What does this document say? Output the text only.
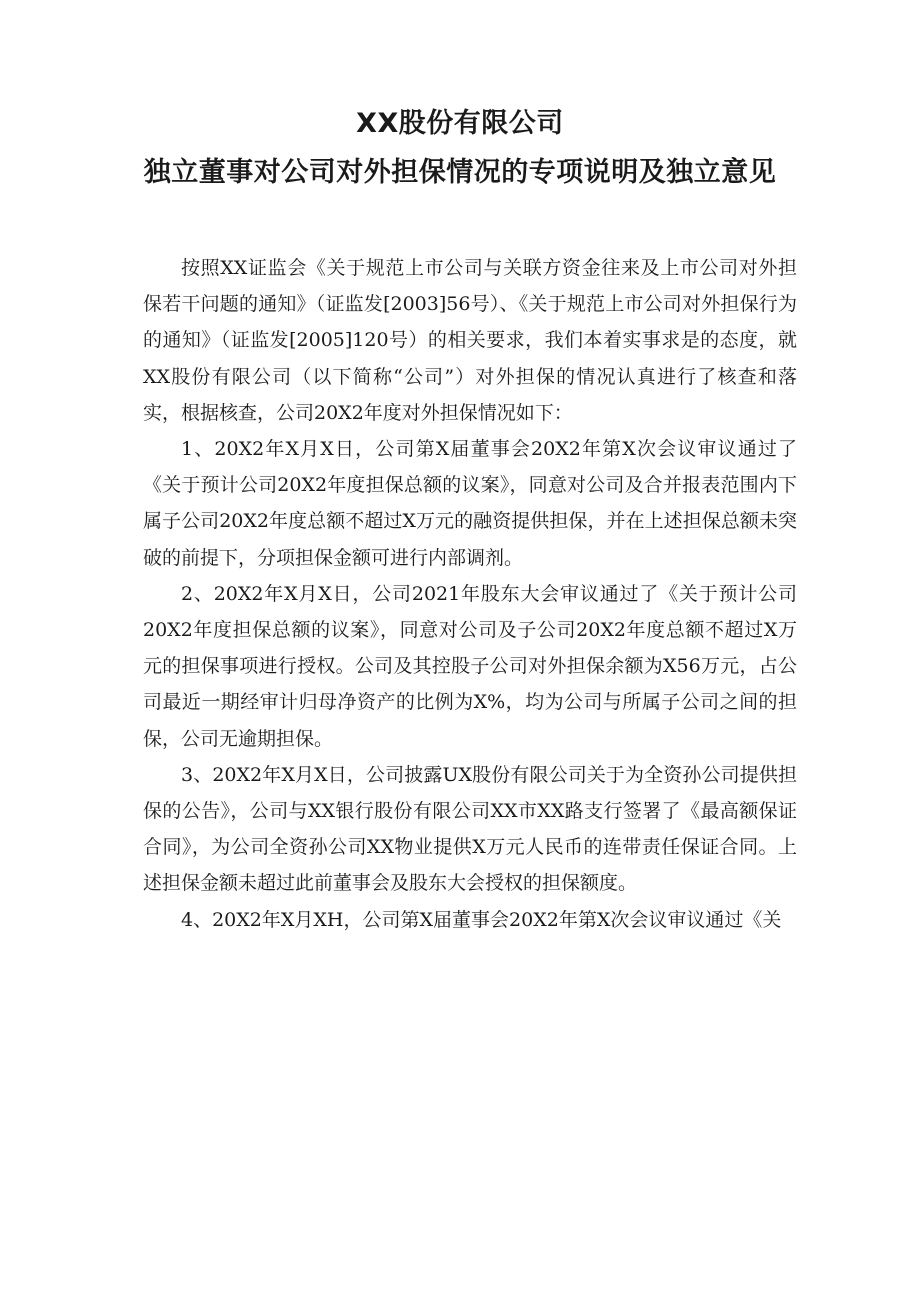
XX股份有限公司
独立董事对公司对外担保情况的专项说明及独立意见

按照XX证监会《关于规范上市公司与关联方资金往来及上市公司对外担保若干问题的通知》（证监发[2003]56号）、《关于规范上市公司对外担保行为的通知》（证监发[2005]120号）的相关要求，我们本着实事求是的态度，就XX股份有限公司（以下简称“公司”）对外担保的情况认真进行了核查和落实，根据核查，公司20X2年度对外担保情况如下：

1、20X2年X月X日，公司第X届董事会20X2年第X次会议审议通过了《关于预计公司20X2年度担保总额的议案》，同意对公司及合并报表范围内下属子公司20X2年度总额不超过X万元的融资提供担保，并在上述担保总额未突破的前提下，分项担保金额可进行内部调剂。

2、20X2年X月X日，公司2021年股东大会审议通过了《关于预计公司20X2年度担保总额的议案》，同意对公司及子公司20X2年度总额不超过X万元的担保事项进行授权。公司及其控股子公司对外担保余额为X56万元，占公司最近一期经审计归母净资产的比例为X%，均为公司与所属子公司之间的担保，公司无逾期担保。

3、20X2年X月X日，公司披露UX股份有限公司关于为全资孙公司提供担保的公告》，公司与XX银行股份有限公司XX市XX路支行签署了《最高额保证合同》，为公司全资孙公司XX物业提供X万元人民币的连带责任保证合同。上述担保金额未超过此前董事会及股东大会授权的担保额度。

4、20X2年X月XH，公司第X届董事会20X2年第X次会议审议通过《关
